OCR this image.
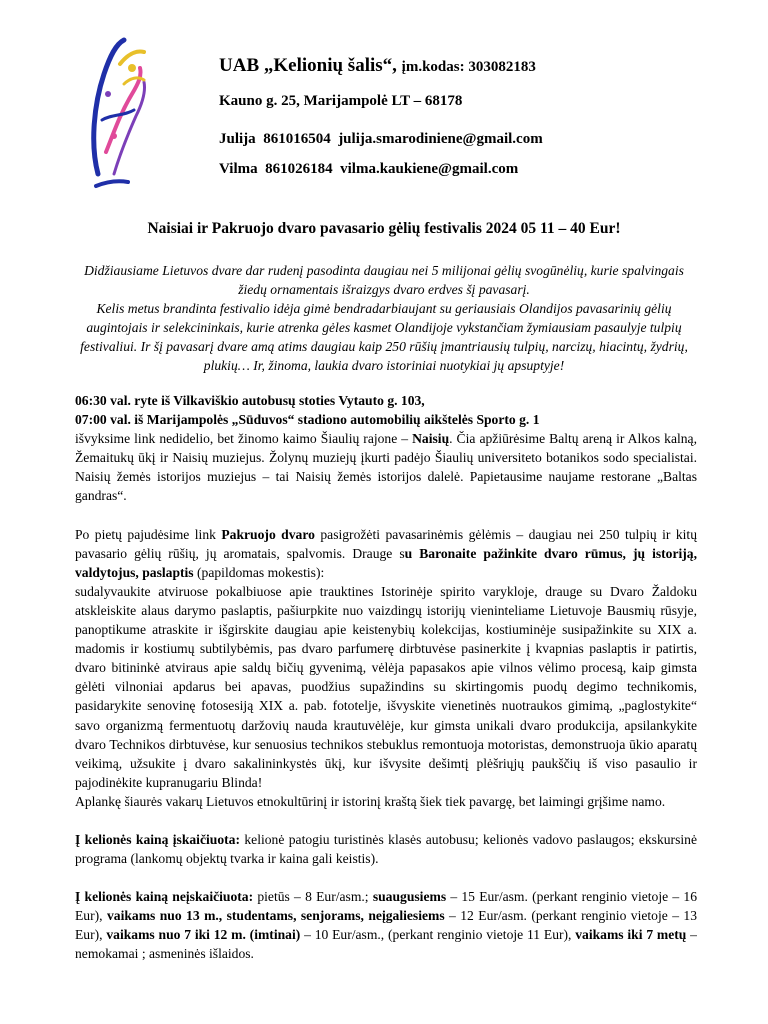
UAB „Kelionių šalis“, įm.kodas: 303082183

Kauno g. 25, Marijampolė LT – 68178
Julija 861016504 julija.smarodiniene@gmail.com
Vilma 861026184 vilma.kaukiene@gmail.com
Naisiai ir Pakruojo dvaro pavasario gėlių festivalis 2024 05 11 – 40 Eur!

Didžiausiame Lietuvos dvare dar rudenį pasodinta daugiau nei 5 milijonai gėlių svogūnėlių, kurie spalvingais žiedų ornamentais išraizgys dvaro erdves šį pavasarį.

Kelis metus brandinta festivalio idėja gimė bendradarbiaujant su geriausiais Olandijos pavasarinių gėlių augintojais ir selekcininkais, kurie atrenka gėles kasmet Olandijoje vykstančiam žymiausiam pasaulyje tulpių festivaliui. Ir šį pavasarį dvare amą atims daugiau kaip 250 rūšių įmantriausių tulpių, narcizų, hiacintų, žydrių, plukių… Ir, žinoma, laukia dvaro istoriniai nuotykiai jų apsuptyje!

06:30 val. ryte iš Vilkaviškio autobusų stoties Vytauto g. 103,

07:00 val. iš Marijampolės „Sūduvos“ stadiono automobilių aikštelės Sporto g. 1

išvyksime link nedidelio, bet žinomo kaimo Šiaulių rajone – Naisių. Čia apžiūrėsime Baltų areną ir Alkos kalną, Žemaitukų ūkį ir Naisių muziejus. Žolynų muziejų įkurti padėjo Šiaulių universiteto botanikos sodo specialistai. Naisių žemės istorijos muziejus – tai Naisių žemės istorijos dalelė. Papietausime naujame restorane „Baltas gandras“.

Po pietų pajudėsime link Pakruojo dvaro pasigrožėti pavasarinėmis gėlėmis – daugiau nei 250 tulpių ir kitų pavasario gėlių rūšių, jų aromatais, spalvomis. Drauge su Baronaite pažinkite dvaro rūmus, jų istoriją, valdytojus, paslaptis (papildomas mokestis):

sudalyvaukite atviruose pokalbiuose apie trauktines Istorinėje spirito varykloje, drauge su Dvaro Žaldoku atskleiskite alaus darymo paslaptis, pašiurpkite nuo vaizdingų istorijų vieninteliame Lietuvoje Bausmių rūsyje, panoptikume atraskite ir išgirskite daugiau apie keistenybių kolekcijas, kostiuminėje susipažinkite su XIX a. madomis ir kostiumų subtilybėmis, pas dvaro parfumerę dirbtuvėse pasinerkite į kvapnias paslaptis ir patirtis, dvaro bitininkė atviraus apie saldų bičių gyvenimą, vėlėja papasakos apie vilnos vėlimo procesą, kaip gimsta gėlėti vilnoniai apdarus bei apavas, puodžius supažindins su skirtingomis puodų degimo technikomis, pasidarykite senovinę fotosesiją XIX a. pab. fototelje, išvyskite vienetinės nuotraukos gimimą, „paglostykite“ savo organizmą fermentuotų daržovių nauda krautuvėlėje, kur gimsta unikali dvaro produkcija, apsilankykite dvaro Technikos dirbtuvėse, kur senuosius technikos stebuklus remontuoja motoristas, demonstruoja ūkio aparatų veikimą, užsukite į dvaro sakalininkystės ūkį, kur išvysite dešimtį plėšriųjų paukščių iš viso pasaulio ir pajodinėkite kupranugariu Blinda!

Aplankę šiaurės vakarų Lietuvos etnokultūrinį ir istorinį kraštą šiek tiek pavargę, bet laimingi grįšime namo.

Į kelionės kainą įskaičiuota: kelionė patogiu turistinės klasės autobusu; kelionės vadovo paslaugos; ekskursinė programa (lankomų objektų tvarka ir kaina gali keistis).

Į kelionės kainą neįskaičiuota: pietūs – 8 Eur/asm.; suaugusiems – 15 Eur/asm. (perkant renginio vietoje – 16 Eur), vaikams nuo 13 m., studentams, senjorams, neįgaliesiems – 12 Eur/asm. (perkant renginio vietoje – 13 Eur), vaikams nuo 7 iki 12 m. (imtinai) – 10 Eur/asm., (perkant renginio vietoje 11 Eur), vaikams iki 7 metų – nemokamai ; asmeninės išlaidos.
